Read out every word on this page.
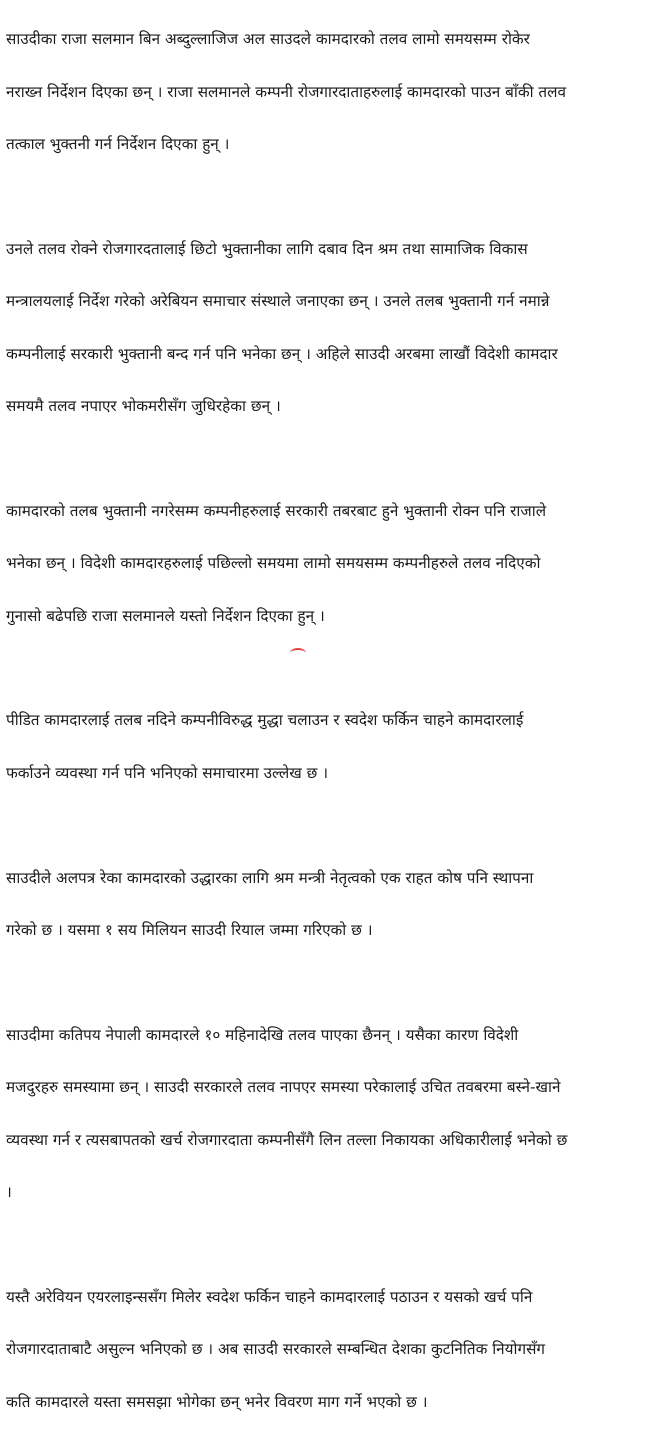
साउदीका राजा सलमान बिन अब्दुल्लाजिज अल साउदले कामदारको तलव लामो समयसम्म रोकेर

नराख्न निर्देशन दिएका छन् । राजा सलमानले कम्पनी रोजगारदाताहरुलाई कामदारको पाउन बाँकी तलव

तत्काल भुक्तनी गर्न निर्देशन दिएका हुन् ।

उनले तलव रोक्ने रोजगारदतालाई छिटो भुक्तानीका लागि दबाव दिन श्रम तथा सामाजिक विकास

मन्त्रालयलाई निर्देश गरेको अरेबियन समाचार संस्थाले जनाएका छन् । उनले तलब भुक्तानी गर्न नमान्ने

कम्पनीलाई सरकारी भुक्तानी बन्द गर्न पनि भनेका छन् । अहिले साउदी अरबमा लाखौं विदेशी कामदार

समयमै तलव नपाएर भोकमरीसँग जुधिरहेका छन् ।

कामदारको तलब भुक्तानी नगरेसम्म कम्पनीहरुलाई सरकारी तबरबाट हुने भुक्तानी रोक्न पनि राजाले

भनेका छन् । विदेशी कामदारहरुलाई पछिल्लो समयमा लामो समयसम्म कम्पनीहरुले तलव नदिएको

गुनासो बढेपछि राजा सलमानले यस्तो निर्देशन दिएका हुन् ।

पीडित कामदारलाई तलब नदिने कम्पनीविरुद्ध मुद्धा चलाउन र स्वदेश फर्किन चाहने कामदारलाई

फर्काउने व्यवस्था गर्न पनि भनिएको समाचारमा उल्लेख छ ।

साउदीले अलपत्र रेका कामदारको उद्धारका लागि श्रम मन्त्री नेतृत्वको एक राहत कोष पनि स्थापना

गरेको छ । यसमा १ सय मिलियन साउदी रियाल जम्मा गरिएको छ ।

साउदीमा कतिपय नेपाली कामदारले १० महिनादेखि तलव पाएका छैनन् । यसैका कारण विदेशी

मजदुरहरु समस्यामा छन् । साउदी सरकारले तलव नापएर समस्या परेकालाई उचित तवबरमा बस्ने-खाने

व्यवस्था गर्न र त्यसबापतको खर्च रोजगारदाता कम्पनीसँगै लिन तल्ला निकायका अधिकारीलाई भनेको छ

।

यस्तै अरेवियन एयरलाइन्ससँग मिलेर स्वदेश फर्किन चाहने कामदारलाई पठाउन र यसको खर्च पनि

रोजगारदाताबाटै असुल्न भनिएको छ । अब साउदी सरकारले सम्बन्धित देशका कुटनितिक नियोगसँग

कति कामदारले यस्ता समसझा भोगेका छन् भनेर विवरण माग गर्ने भएको छ ।
